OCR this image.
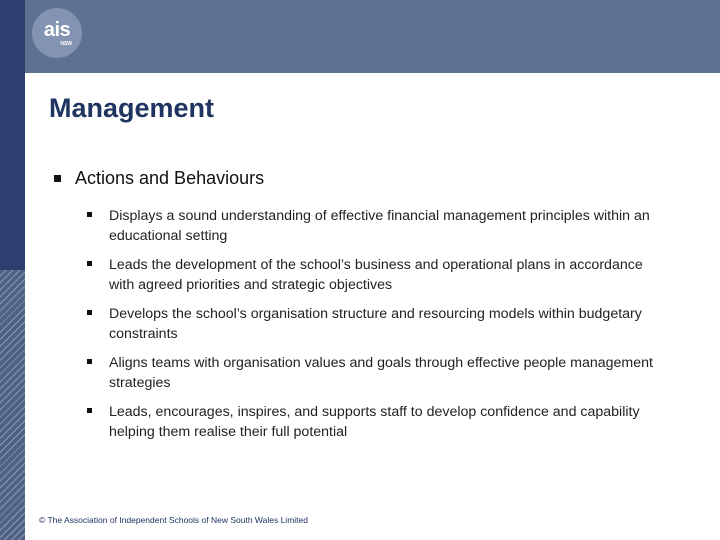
ais
NSW
Management
Actions and Behaviours
Displays a sound understanding of effective financial management principles within an educational setting
Leads the development of the school’s business and operational plans in accordance with agreed priorities and strategic objectives
Develops the school’s organisation structure and resourcing models within budgetary constraints
Aligns teams with organisation values and goals through effective people management strategies
Leads, encourages, inspires, and supports staff to develop confidence and capability helping them realise their full potential
© The Association of Independent Schools of New South Wales Limited
